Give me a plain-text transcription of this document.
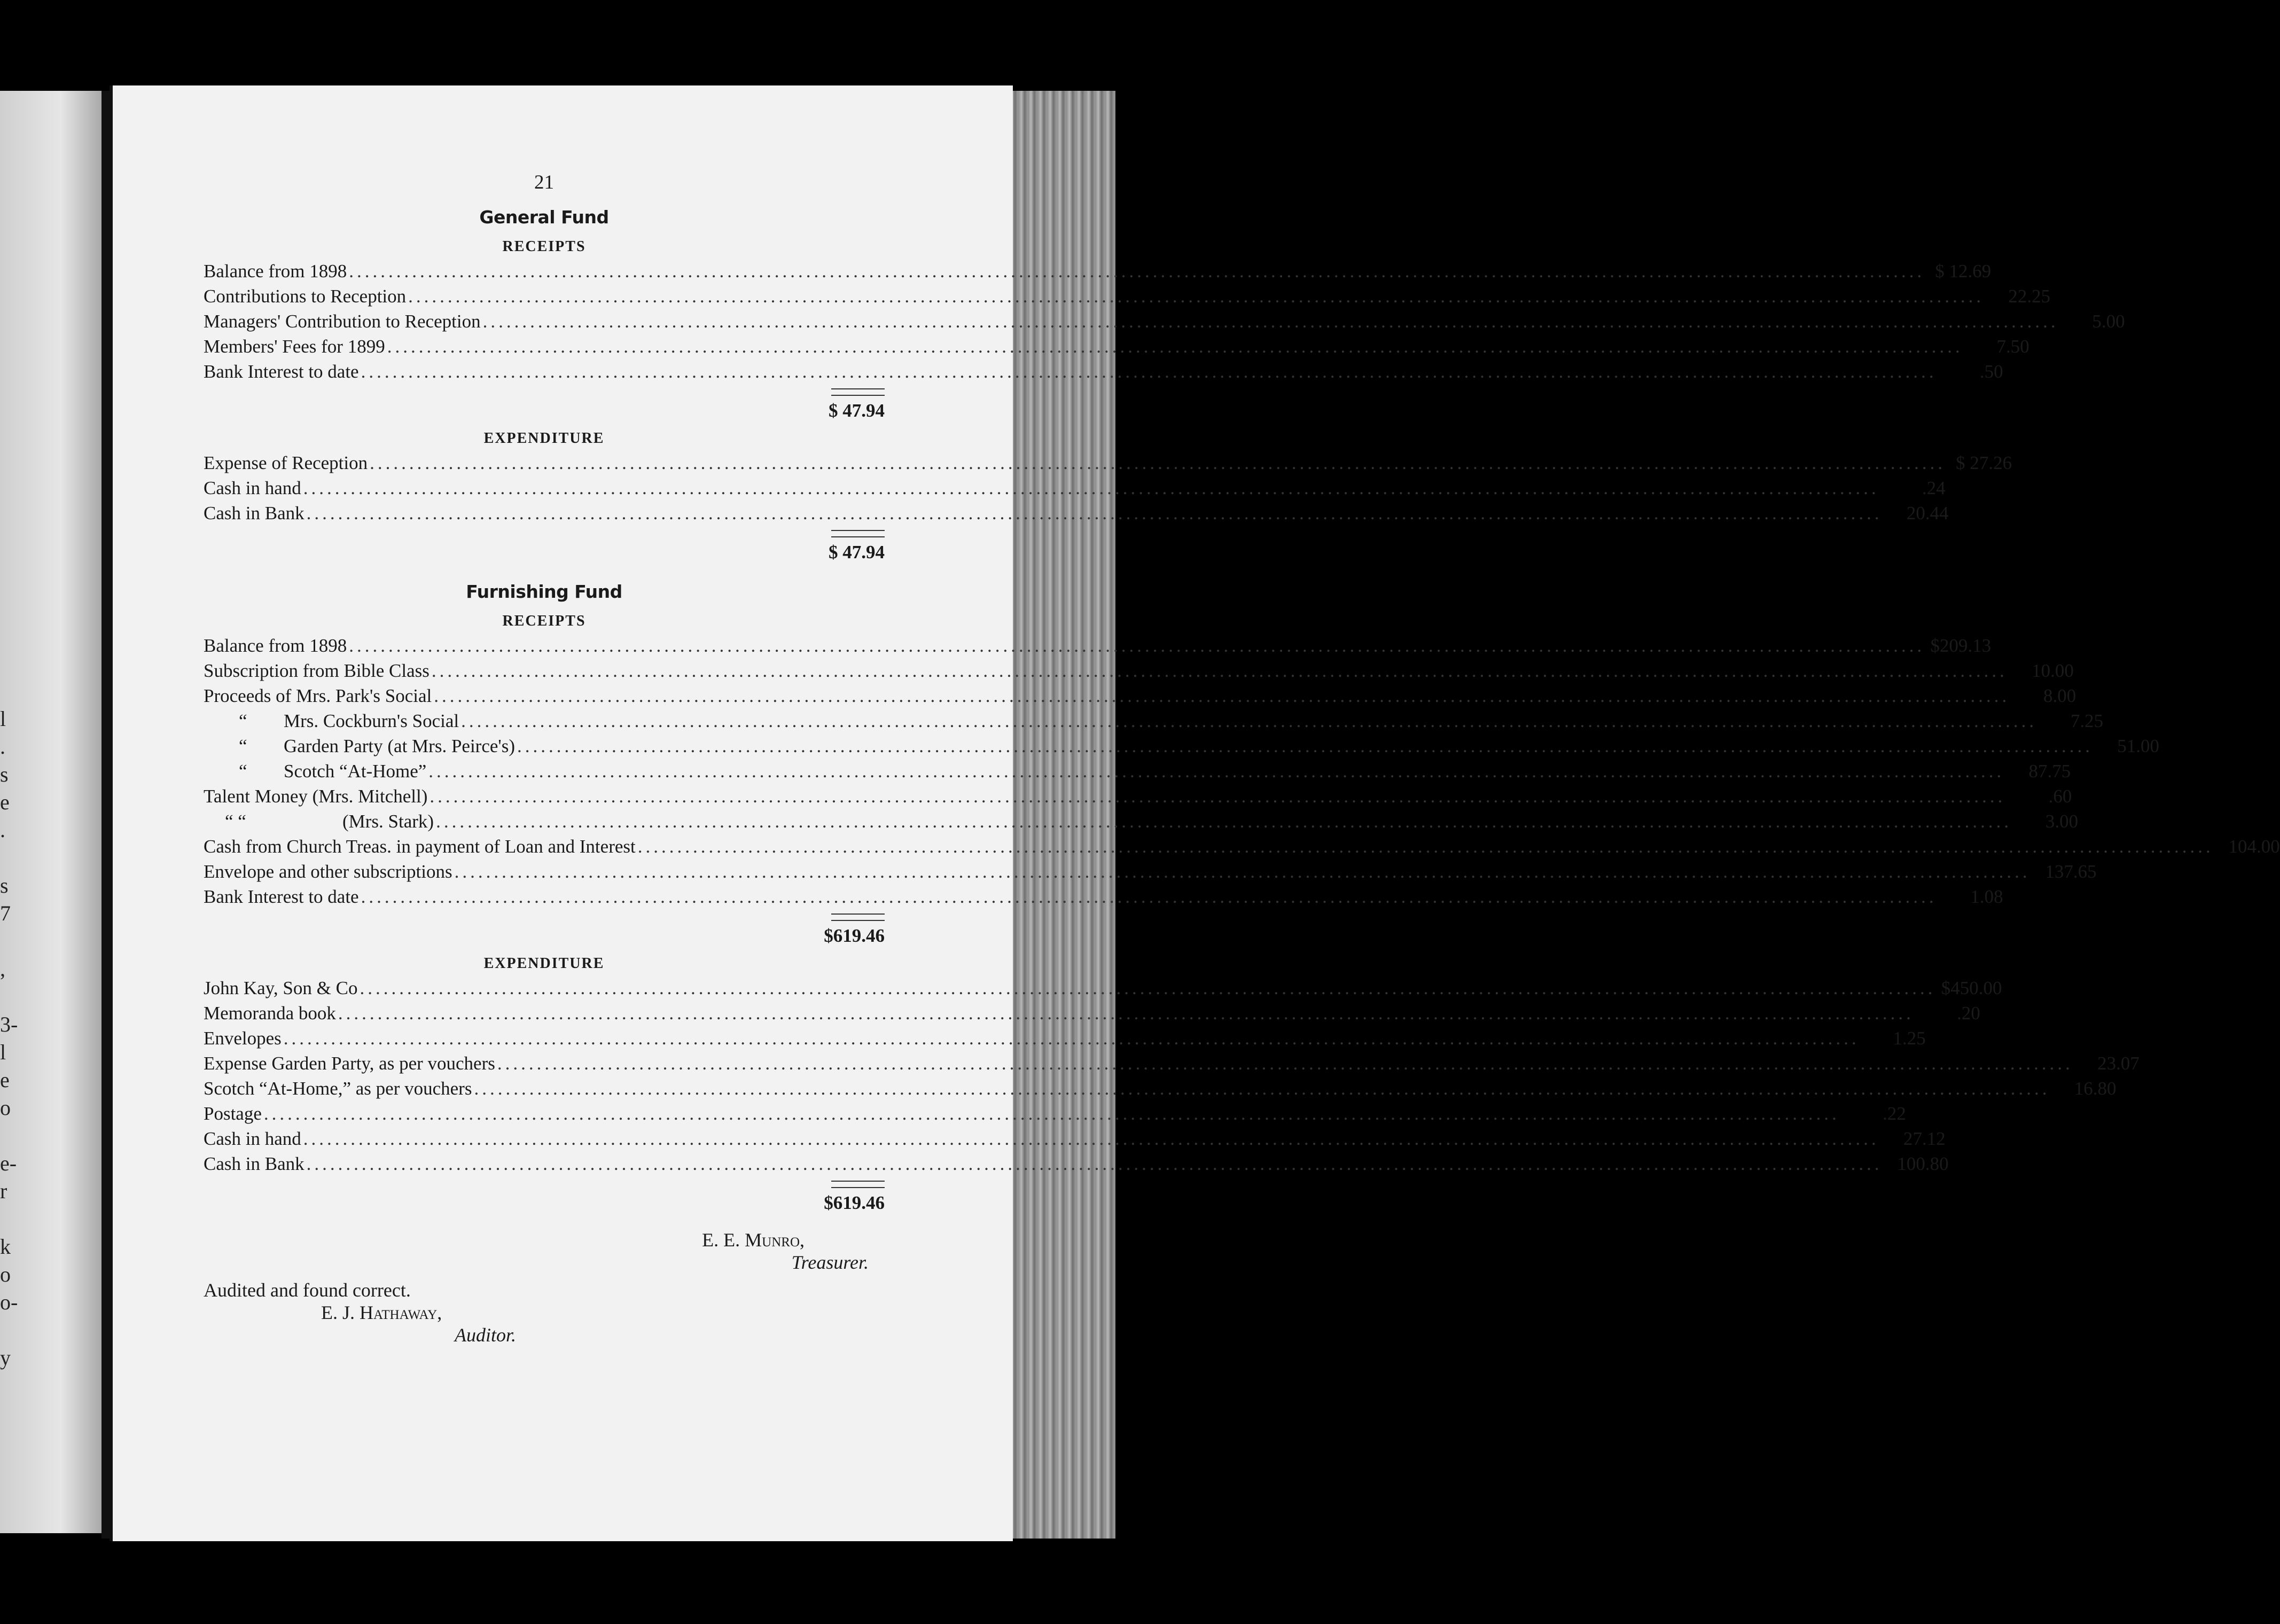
l
.
s
e
.
s
7
,
3-
l
e
o
e-
r
k
o
o-
y
21
General Fund
RECEIPTS
Balance from 1898 ........................................................................................................................................................................................................ $ 12.69
Contributions to Reception ........................................................................................................................................................................................................	22.25
Managers' Contribution to Reception ........................................................................................................................................................................................................	5.00
Members' Fees for 1899 ........................................................................................................................................................................................................	7.50
Bank Interest to date ........................................................................................................................................................................................................	.50
$ 47.94
EXPENDITURE
Expense of Reception ........................................................................................................................................................................................................ $ 27.26
Cash in hand ........................................................................................................................................................................................................	.24
Cash in Bank ........................................................................................................................................................................................................	20.44
$ 47.94
Furnishing Fund
RECEIPTS
Balance from 1898 ........................................................................................................................................................................................................ $209.13
Subscription from Bible Class ........................................................................................................................................................................................................	10.00
Proceeds of Mrs. Park's Social ........................................................................................................................................................................................................	8.00
“ Mrs. Cockburn's Social ........................................................................................................................................................................................................	7.25
“ Garden Party (at Mrs. Peirce's) ........................................................................................................................................................................................................	51.00
“ Scotch “At-Home” ........................................................................................................................................................................................................	87.75
Talent Money (Mrs. Mitchell) ........................................................................................................................................................................................................	.60
“ “	(Mrs. Stark) ........................................................................................................................................................................................................	3.00
Cash from Church Treas. in payment of Loan and Interest ........................................................................................................................................................................................................ 104.00
Envelope and other subscriptions ........................................................................................................................................................................................................ 137.65
Bank Interest to date ........................................................................................................................................................................................................	1.08
$619.46
EXPENDITURE
John Kay, Son & Co ........................................................................................................................................................................................................ $450.00
Memoranda book ........................................................................................................................................................................................................	.20
Envelopes ........................................................................................................................................................................................................	1.25
Expense Garden Party, as per vouchers ........................................................................................................................................................................................................	23.07
Scotch “At-Home,” as per vouchers ........................................................................................................................................................................................................	16.80
Postage ........................................................................................................................................................................................................	.22
Cash in hand ........................................................................................................................................................................................................	27.12
Cash in Bank ........................................................................................................................................................................................................ 100.80
$619.46
E. E. Munro,
Treasurer.
Audited and found correct.
E. J. Hathaway,
Auditor.
